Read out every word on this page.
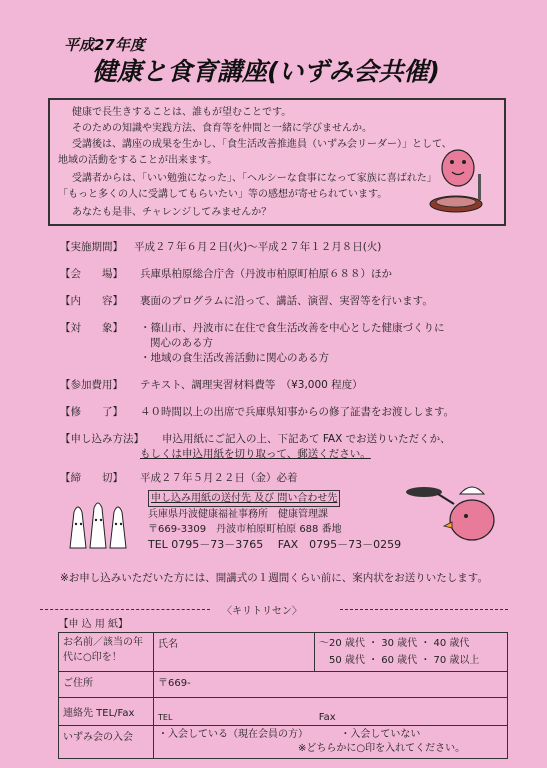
平成27年度
健康と食育講座(いずみ会共催)

健康で長生きすることは、誰もが望むことです。

そのための知識や実践方法、食育等を仲間と一緒に学びませんか。

受講後は、講座の成果を生かし、「食生活改善推進員（いずみ会リーダー）」として、

地域の活動をすることが出来ます。

受講者からは、「いい勉強になった」、「ヘルシーな食事になって家族に喜ばれた」

「もっと多くの人に受講してもらいたい」等の感想が寄せられています。

あなたも是非、チャレンジしてみませんか？

【実施期間】 平成２７年６月２日(火)～平成２７年１２月８日(火)
【会　　場】 兵庫県柏原総合庁舎（丹波市柏原町柏原６８８）ほか
【内　　容】 裏面のプログラムに沿って、講話、演習、実習等を行います。
【対　　象】 ・篠山市、丹波市に在住で食生活改善を中心とした健康づくりに
関心のある方
・地域の食生活改善活動に関心のある方
【参加費用】 テキスト、調理実習材料費等　（¥3,000 程度）
【修　　了】 ４０時間以上の出席で兵庫県知事からの修了証書をお渡しします。
【申し込み方法】 申込用紙にご記入の上、下記あて FAX でお送りいただくか、
もしくは申込用紙を切り取って、郵送ください。
【締　　切】 平成２７年５月２２日（金）必着
申し込み用紙の送付先 及び 問い合わせ先
兵庫県丹波健康福祉事務所　健康管理課
〒669-3309　丹波市柏原町柏原 688 番地
TEL 0795－73－3765　 FAX　0795－73－0259
※お申し込みいただいた方には、開講式の１週間くらい前に、案内状をお送りいたします。
〈キリトリセン〉
【申 込 用 紙】		
お名前／該当の年代に○印を！	氏名	～20 歳代 ・ 30 歳代 ・ 40 歳代
50 歳代 ・ 60 歳代 ・ 70 歳以上

ご住所	〒669-	
連絡先 TEL/Fax	TEL Fax	
いずみ会の入会	・入会している（現在会員の方） ・入会していない
※どちらかに○印を入れてください。	
